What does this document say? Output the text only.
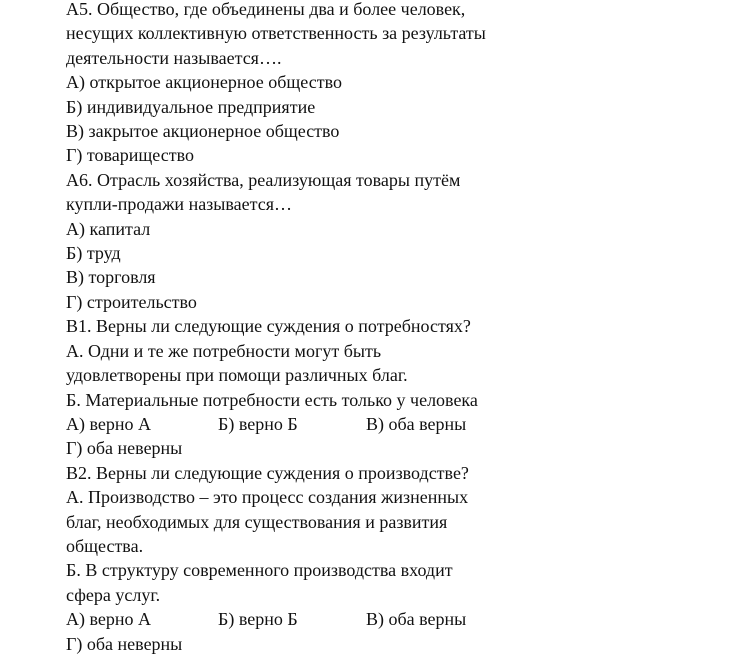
А5. Общество, где объединены два и более человек,
несущих коллективную ответственность за результаты
деятельности называется….
А) открытое акционерное общество
Б) индивидуальное предприятие
В) закрытое акционерное общество
Г) товарищество
А6. Отрасль хозяйства, реализующая товары путём
купли-продажи называется…
А) капитал
Б) труд
В) торговля
Г) строительство
В1. Верны ли следующие суждения о потребностях?
А. Одни и те же потребности могут быть
удовлетворены при помощи различных благ.
Б. Материальные потребности есть только у человека
А) верно А	Б) верно Б	В) оба верны
Г) оба неверны
В2. Верны ли следующие суждения о производстве?
А. Производство – это процесс создания жизненных
благ, необходимых для существования и развития
общества.
Б. В структуру современного производства входит
сфера услуг.
А) верно А	Б) верно Б	В) оба верны
Г) оба неверны
